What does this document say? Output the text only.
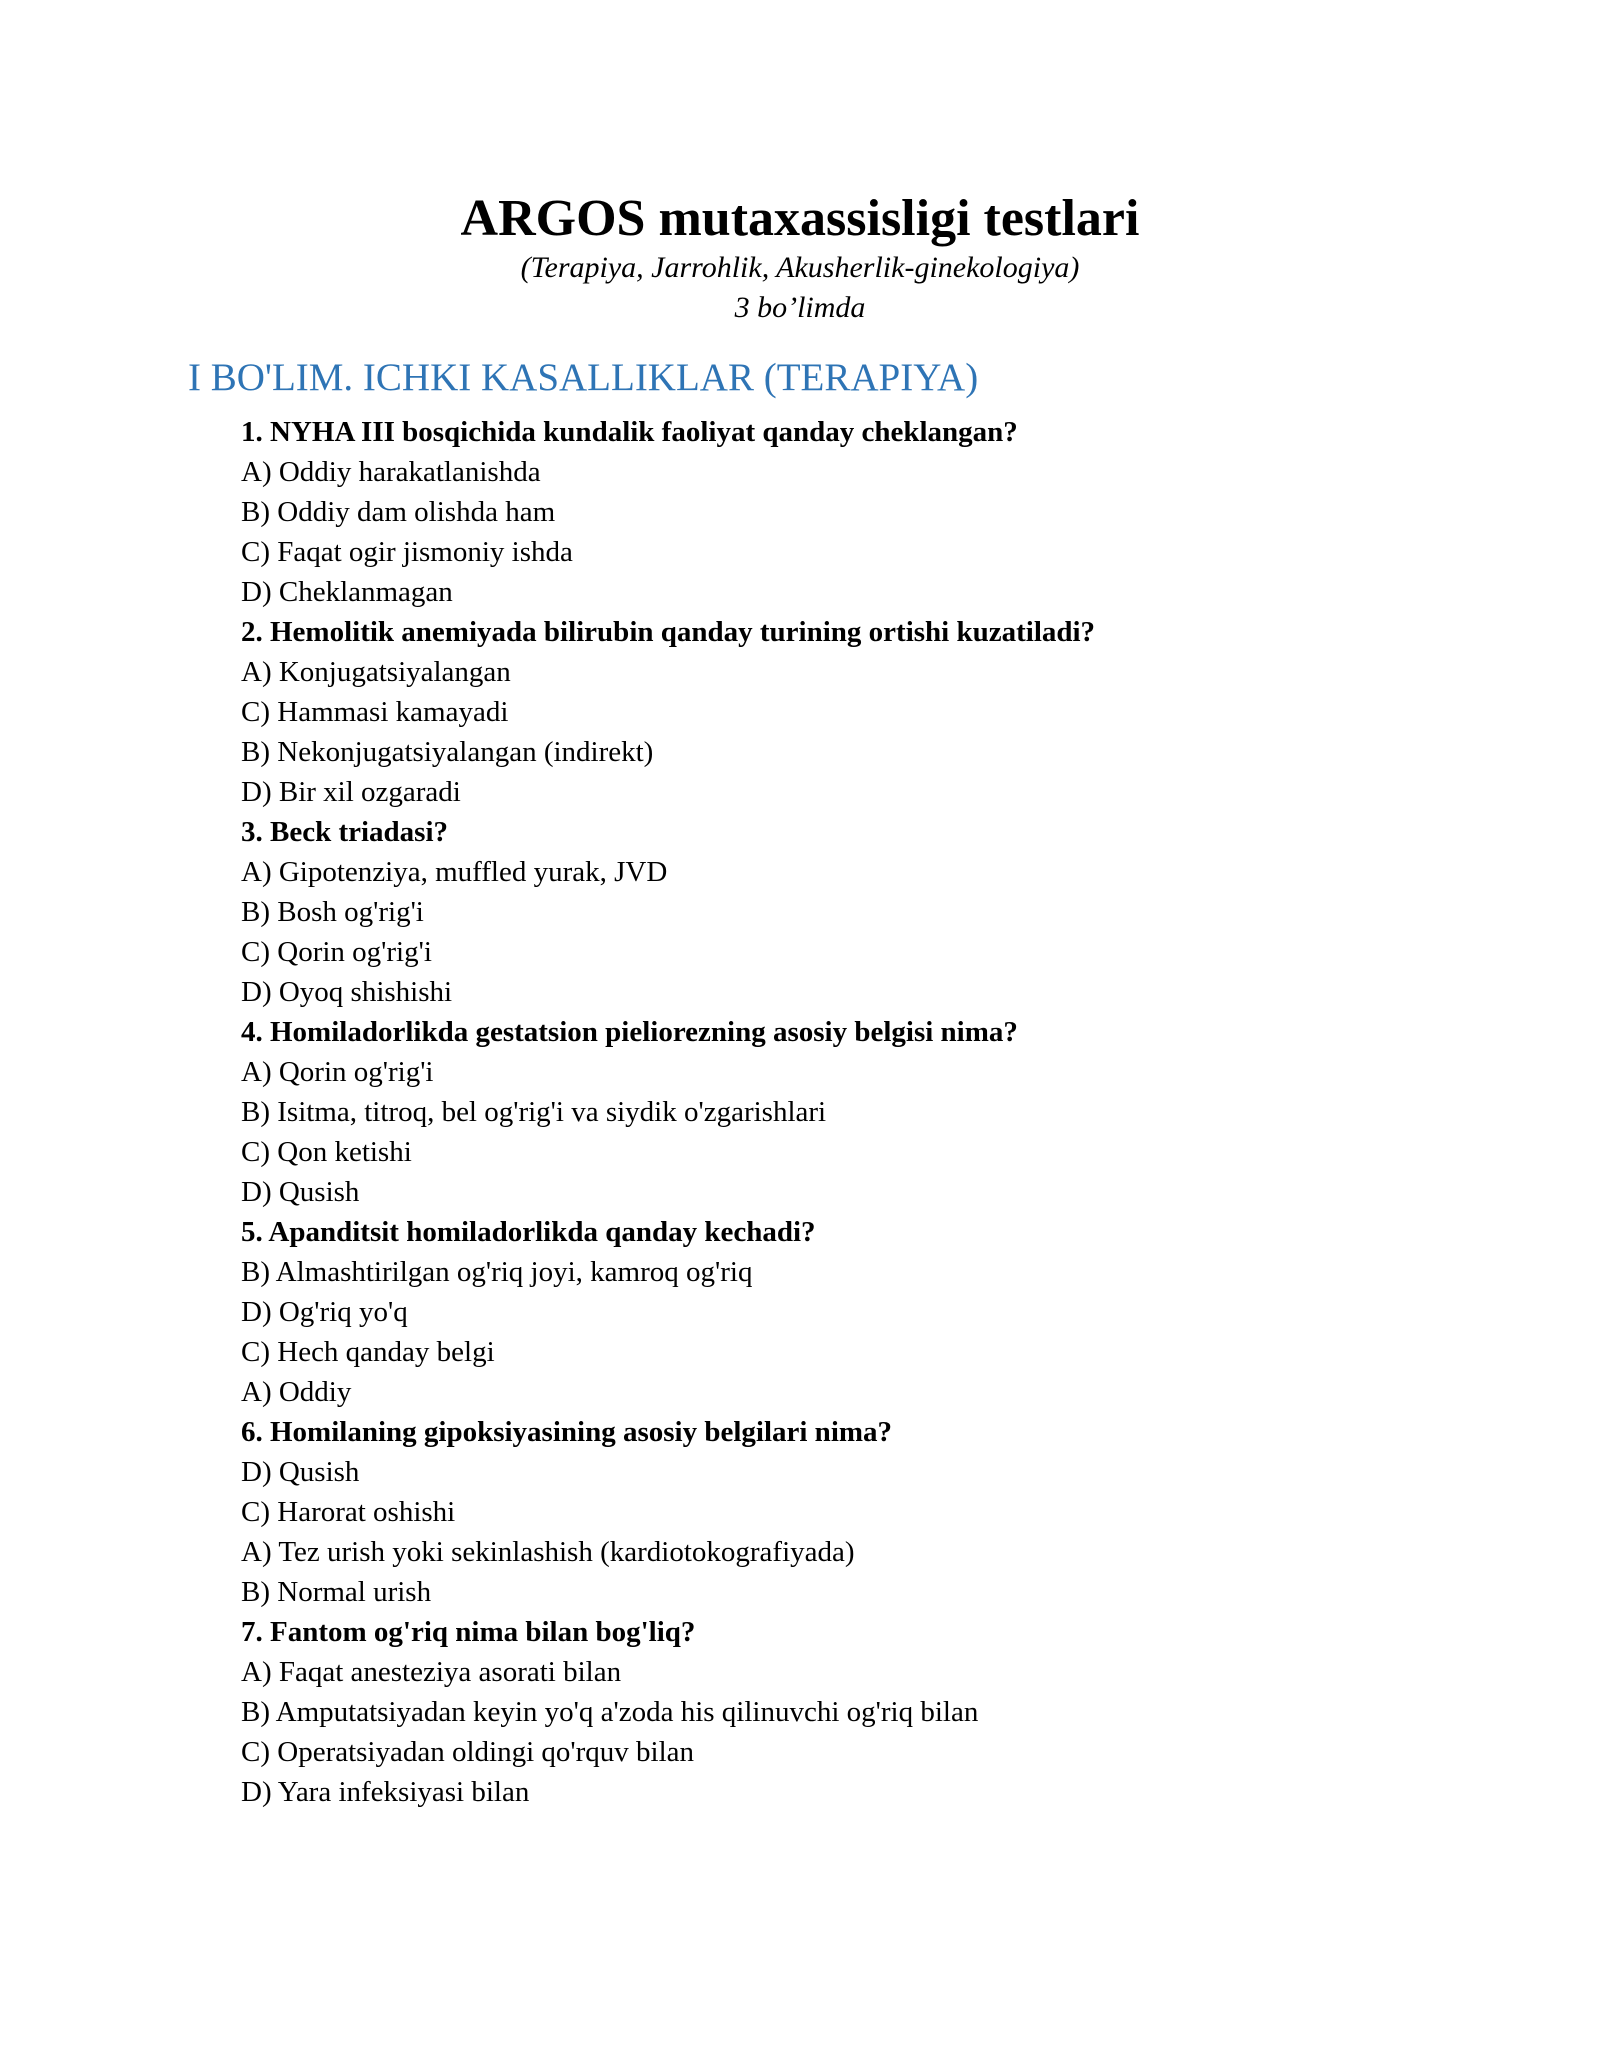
ARGOS mutaxassisligi testlari
(Terapiya, Jarrohlik, Akusherlik-ginekologiya)
3 bo’limda
I BO'LIM. ICHKI KASALLIKLAR (TERAPIYA)
1. NYHA III bosqichida kundalik faoliyat qanday cheklangan?
A) Oddiy harakatlanishda
B) Oddiy dam olishda ham
C) Faqat ogir jismoniy ishda
D) Cheklanmagan
2. Hemolitik anemiyada bilirubin qanday turining ortishi kuzatiladi?
A) Konjugatsiyalangan
C) Hammasi kamayadi
B) Nekonjugatsiyalangan (indirekt)
D) Bir xil ozgaradi
3. Beck triadasi?
A) Gipotenziya, muffled yurak, JVD
B) Bosh og'rig'i
C) Qorin og'rig'i
D) Oyoq shishishi
4. Homiladorlikda gestatsion pieliorezning asosiy belgisi nima?
A) Qorin og'rig'i
B) Isitma, titroq, bel og'rig'i va siydik o'zgarishlari
C) Qon ketishi
D) Qusish
5. Apanditsit homiladorlikda qanday kechadi?
B) Almashtirilgan og'riq joyi, kamroq og'riq
D) Og'riq yo'q
C) Hech qanday belgi
A) Oddiy
6. Homilaning gipoksiyasining asosiy belgilari nima?
D) Qusish
C) Harorat oshishi
A) Tez urish yoki sekinlashish (kardiotokografiyada)
B) Normal urish
7. Fantom og'riq nima bilan bog'liq?
A) Faqat anesteziya asorati bilan
B) Amputatsiyadan keyin yo'q a'zoda his qilinuvchi og'riq bilan
C) Operatsiyadan oldingi qo'rquv bilan
D) Yara infeksiyasi bilan
